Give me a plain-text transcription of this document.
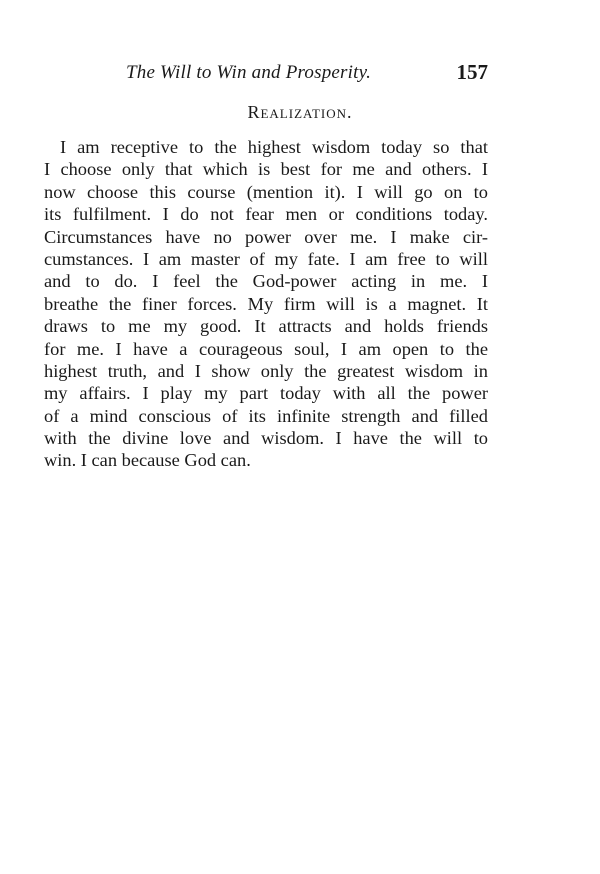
The Will to Win and Prosperity.	157
Realization.
I am receptive to the highest wisdom today so that
I choose only that which is best for me and others. I
now choose this course (mention it). I will go on to
its fulfilment. I do not fear men or conditions today.
Circumstances have no power over me. I make cir-
cumstances. I am master of my fate. I am free to will
and to do. I feel the God-power acting in me. I
breathe the finer forces. My firm will is a magnet. It
draws to me my good. It attracts and holds friends
for me. I have a courageous soul, I am open to the
highest truth, and I show only the greatest wisdom in
my affairs. I play my part today with all the power
of a mind conscious of its infinite strength and filled
with the divine love and wisdom. I have the will to
win. I can because God can.
